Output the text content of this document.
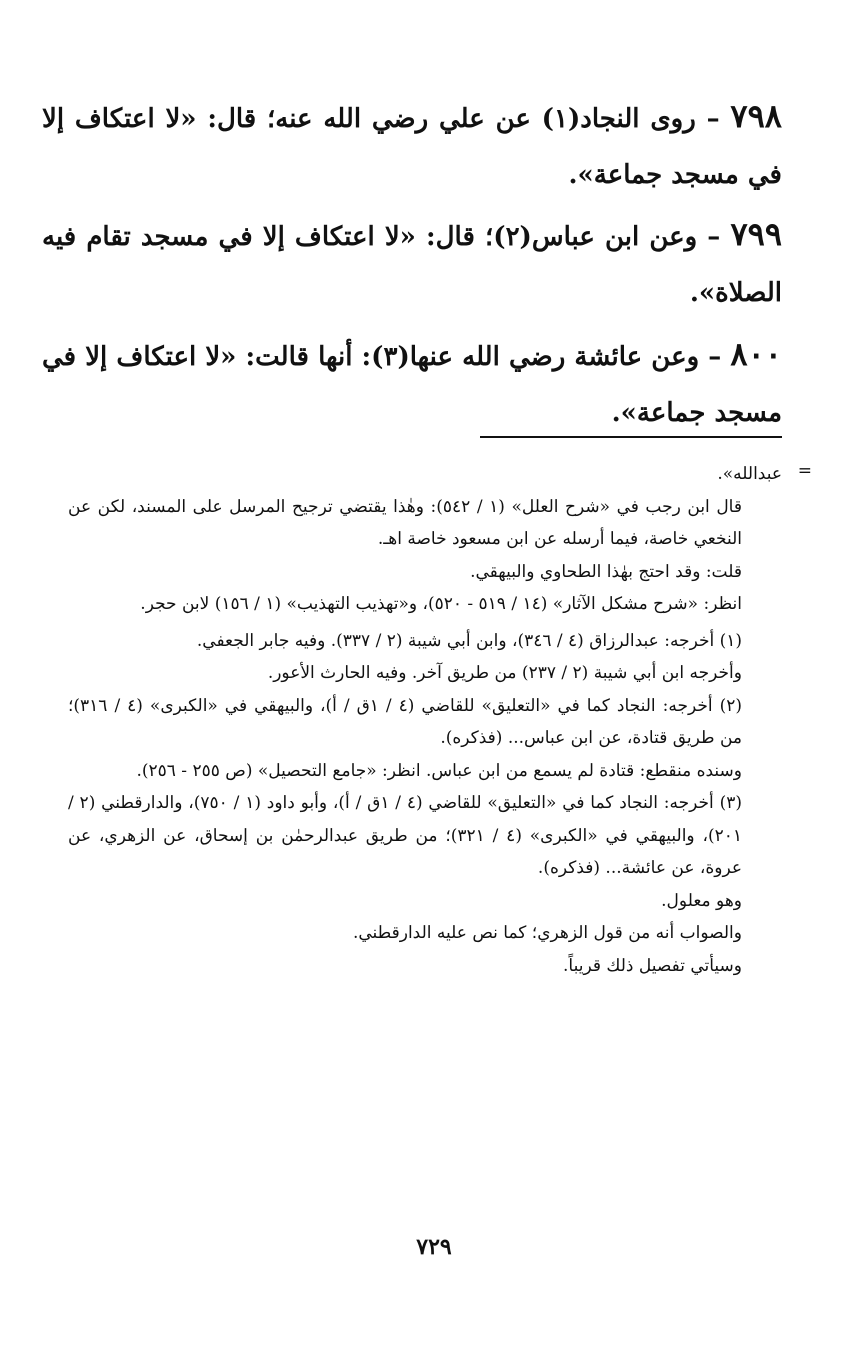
٧٩٨ – روى النجاد(١) عن علي رضي الله عنه؛ قال: «لا اعتكاف إلا في مسجد جماعة».

٧٩٩ – وعن ابن عباس(٢)؛ قال: «لا اعتكاف إلا في مسجد تقام فيه الصلاة».

٨٠٠ – وعن عائشة رضي الله عنها(٣): أنها قالت: «لا اعتكاف إلا في مسجد جماعة».

=

عبدالله».

قال ابن رجب في «شرح العلل» (١ / ٥٤٢): وهٰذا يقتضي ترجيح المرسل على المسند، لكن عن النخعي خاصة، فيما أرسله عن ابن مسعود خاصة اهـ.

قلت: وقد احتج بهٰذا الطحاوي والبيهقي.

انظر: «شرح مشكل الآثار» (١٤ / ٥١٩ - ٥٢٠)، و«تهذيب التهذيب» (١ / ١٥٦) لابن حجر.

(١) أخرجه: عبدالرزاق (٤ / ٣٤٦)، وابن أبي شيبة (٢ / ٣٣٧). وفيه جابر الجعفي.

وأخرجه ابن أبي شيبة (٢ / ٢٣٧) من طريق آخر. وفيه الحارث الأعور.

(٢) أخرجه: النجاد كما في «التعليق» للقاضي (٤ / ١ق / أ)، والبيهقي في «الكبرى» (٤ / ٣١٦)؛ من طريق قتادة، عن ابن عباس... (فذكره).

وسنده منقطع: قتادة لم يسمع من ابن عباس. انظر: «جامع التحصيل» (ص ٢٥٥ - ٢٥٦).

(٣) أخرجه: النجاد كما في «التعليق» للقاضي (٤ / ١ق / أ)، وأبو داود (١ / ٧٥٠)، والدارقطني (٢ / ٢٠١)، والبيهقي في «الكبرى» (٤ / ٣٢١)؛ من طريق عبدالرحمٰن بن إسحاق، عن الزهري، عن عروة، عن عائشة... (فذكره).

وهو معلول.

والصواب أنه من قول الزهري؛ كما نص عليه الدارقطني.

وسيأتي تفصيل ذلك قريباً.

٧٢٩
